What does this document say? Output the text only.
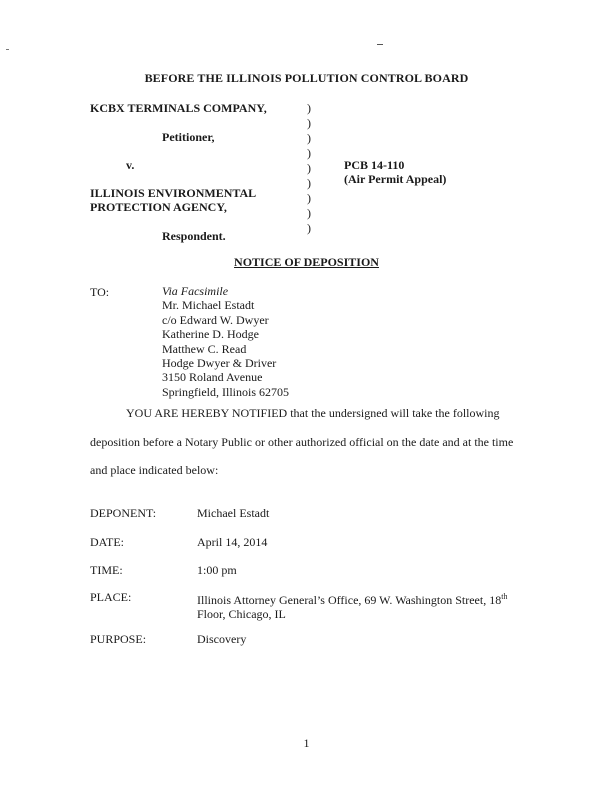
BEFORE THE ILLINOIS POLLUTION CONTROL BOARD
KCBX TERMINALS COMPANY,
Petitioner,
v.
ILLINOIS ENVIRONMENTAL
PROTECTION AGENCY,
Respondent.
)
)
)
)
)
)
)
)
)
PCB 14-110
(Air Permit Appeal)
NOTICE OF DEPOSITION
TO:	Via Facsimile
Mr. Michael Estadt
c/o Edward W. Dwyer
Katherine D. Hodge
Matthew C. Read
Hodge Dwyer & Driver
3150 Roland Avenue
Springfield, Illinois 62705
YOU ARE HEREBY NOTIFIED that the undersigned will take the following
deposition before a Notary Public or other authorized official on the date and at the time
and place indicated below:
DEPONENT:	Michael Estadt
DATE:	April 14, 2014
TIME:	1:00 pm
PLACE:	Illinois Attorney General’s Office, 69 W. Washington Street, 18th
Floor, Chicago, IL
PURPOSE:	Discovery
1
